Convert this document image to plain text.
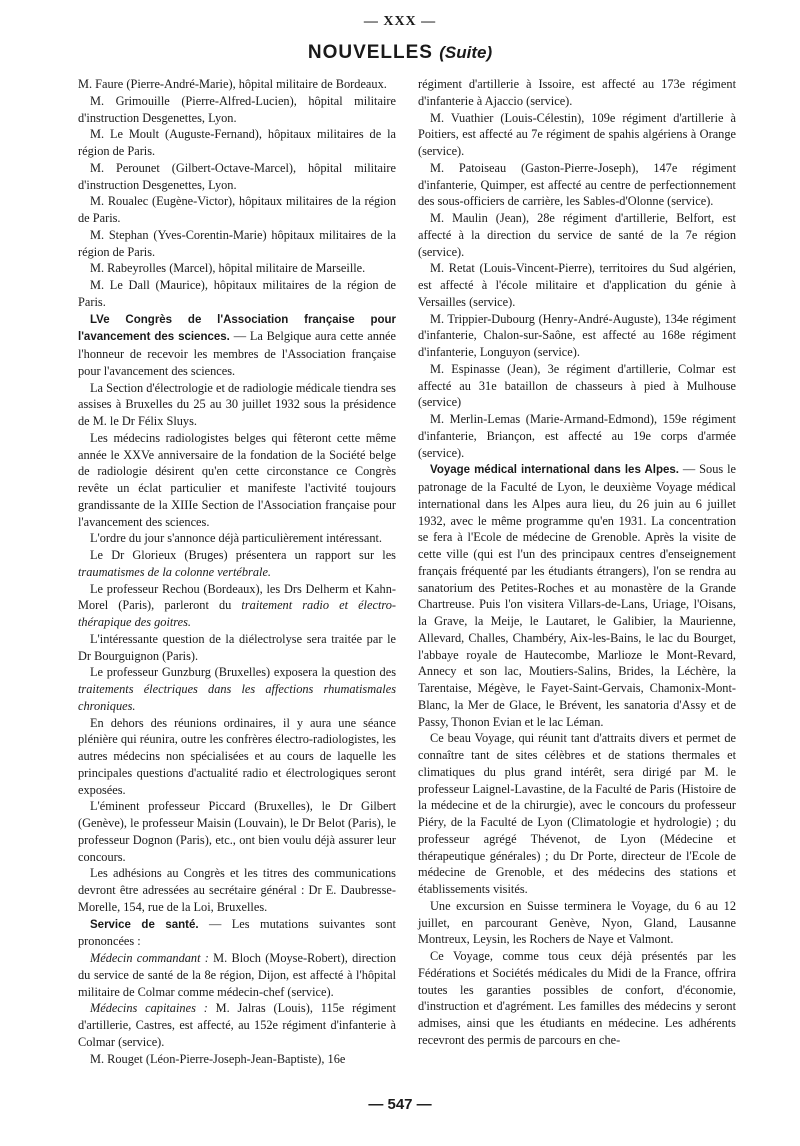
— XXX —
NOUVELLES (Suite)

M. Faure (Pierre-André-Marie), hôpital militaire de Bordeaux.

M. Grimouille (Pierre-Alfred-Lucien), hôpital militaire d'instruction Desgenettes, Lyon.

M. Le Moult (Auguste-Fernand), hôpitaux militaires de la région de Paris.

M. Perounet (Gilbert-Octave-Marcel), hôpital militaire d'instruction Desgenettes, Lyon.

M. Roualec (Eugène-Victor), hôpitaux militaires de la région de Paris.

M. Stephan (Yves-Corentin-Marie) hôpitaux militaires de la région de Paris.

M. Rabeyrolles (Marcel), hôpital militaire de Marseille.

M. Le Dall (Maurice), hôpitaux militaires de la région de Paris.

LVe Congrès de l'Association française pour l'avancement des sciences. — La Belgique aura cette année l'honneur de recevoir les membres de l'Association française pour l'avancement des sciences.

La Section d'électrologie et de radiologie médicale tiendra ses assises à Bruxelles du 25 au 30 juillet 1932 sous la présidence de M. le Dr Félix Sluys.

Les médecins radiologistes belges qui fêteront cette même année le XXVe anniversaire de la fondation de la Société belge de radiologie désirent qu'en cette circonstance ce Congrès revête un éclat particulier et manifeste l'activité toujours grandissante de la XIIIe Section de l'Association française pour l'avancement des sciences.

L'ordre du jour s'annonce déjà particulièrement intéressant.

Le Dr Glorieux (Bruges) présentera un rapport sur les traumatismes de la colonne vertébrale.

Le professeur Rechou (Bordeaux), les Drs Delherm et Kahn-Morel (Paris), parleront du traitement radio et électro-thérapique des goitres.

L'intéressante question de la diélectrolyse sera traitée par le Dr Bourguignon (Paris).

Le professeur Gunzburg (Bruxelles) exposera la question des traitements électriques dans les affections rhumatismales chroniques.

En dehors des réunions ordinaires, il y aura une séance plénière qui réunira, outre les confrères électro-radiologistes, les autres médecins non spécialisées et au cours de laquelle les principales questions d'actualité radio et électrologiques seront exposées.

L'éminent professeur Piccard (Bruxelles), le Dr Gilbert (Genève), le professeur Maisin (Louvain), le Dr Belot (Paris), le professeur Dognon (Paris), etc., ont bien voulu déjà assurer leur concours.

Les adhésions au Congrès et les titres des communications devront être adressées au secrétaire général : Dr E. Daubresse-Morelle, 154, rue de la Loi, Bruxelles.

Service de santé. — Les mutations suivantes sont prononcées :

Médecin commandant : M. Bloch (Moyse-Robert), direction du service de santé de la 8e région, Dijon, est affecté à l'hôpital militaire de Colmar comme médecin-chef (service).

Médecins capitaines : M. Jalras (Louis), 115e régiment d'artillerie, Castres, est affecté, au 152e régiment d'infanterie à Colmar (service).

M. Rouget (Léon-Pierre-Joseph-Jean-Baptiste), 16e

régiment d'artillerie à Issoire, est affecté au 173e régiment d'infanterie à Ajaccio (service).

M. Vuathier (Louis-Célestin), 109e régiment d'artillerie à Poitiers, est affecté au 7e régiment de spahis algériens à Orange (service).

M. Patoiseau (Gaston-Pierre-Joseph), 147e régiment d'infanterie, Quimper, est affecté au centre de perfectionnement des sous-officiers de carrière, les Sables-d'Olonne (service).

M. Maulin (Jean), 28e régiment d'artillerie, Belfort, est affecté à la direction du service de santé de la 7e région (service).

M. Retat (Louis-Vincent-Pierre), territoires du Sud algérien, est affecté à l'école militaire et d'application du génie à Versailles (service).

M. Trippier-Dubourg (Henry-André-Auguste), 134e régiment d'infanterie, Chalon-sur-Saône, est affecté au 168e régiment d'infanterie, Longuyon (service).

M. Espinasse (Jean), 3e régiment d'artillerie, Colmar est affecté au 31e bataillon de chasseurs à pied à Mulhouse (service)

M. Merlin-Lemas (Marie-Armand-Edmond), 159e régiment d'infanterie, Briançon, est affecté au 19e corps d'armée (service).

Voyage médical international dans les Alpes. — Sous le patronage de la Faculté de Lyon, le deuxième Voyage médical international dans les Alpes aura lieu, du 26 juin au 6 juillet 1932, avec le même programme qu'en 1931. La concentration se fera à l'Ecole de médecine de Grenoble. Après la visite de cette ville (qui est l'un des principaux centres d'enseignement français fréquenté par les étudiants étrangers), l'on se rendra au sanatorium des Petites-Roches et au monastère de la Grande Chartreuse. Puis l'on visitera Villars-de-Lans, Uriage, l'Oisans, la Grave, la Meije, le Lautaret, le Galibier, la Maurienne, Allevard, Challes, Chambéry, Aix-les-Bains, le lac du Bourget, l'abbaye royale de Hautecombe, Marlioze le Mont-Revard, Annecy et son lac, Moutiers-Salins, Brides, la Léchère, la Tarentaise, Mégève, le Fayet-Saint-Gervais, Chamonix-Mont-Blanc, la Mer de Glace, le Brévent, les sanatoria d'Assy et de Passy, Thonon Evian et le lac Léman.

Ce beau Voyage, qui réunit tant d'attraits divers et permet de connaître tant de sites célèbres et de stations thermales et climatiques du plus grand intérêt, sera dirigé par M. le professeur Laignel-Lavastine, de la Faculté de Paris (Histoire de la médecine et de la chirurgie), avec le concours du professeur Piéry, de la Faculté de Lyon (Climatologie et hydrologie) ; du professeur agrégé Thévenot, de Lyon (Médecine et thérapeutique générales) ; du Dr Porte, directeur de l'Ecole de médecine de Grenoble, et des médecins des stations et établissements visités.

Une excursion en Suisse terminera le Voyage, du 6 au 12 juillet, en parcourant Genève, Nyon, Gland, Lausanne Montreux, Leysin, les Rochers de Naye et Valmont.

Ce Voyage, comme tous ceux déjà présentés par les Fédérations et Sociétés médicales du Midi de la France, offrira toutes les garanties possibles de confort, d'économie, d'instruction et d'agrément. Les familles des médecins y seront admises, ainsi que les étudiants en médecine. Les adhérents recevront des permis de parcours en che-

— 547 —
